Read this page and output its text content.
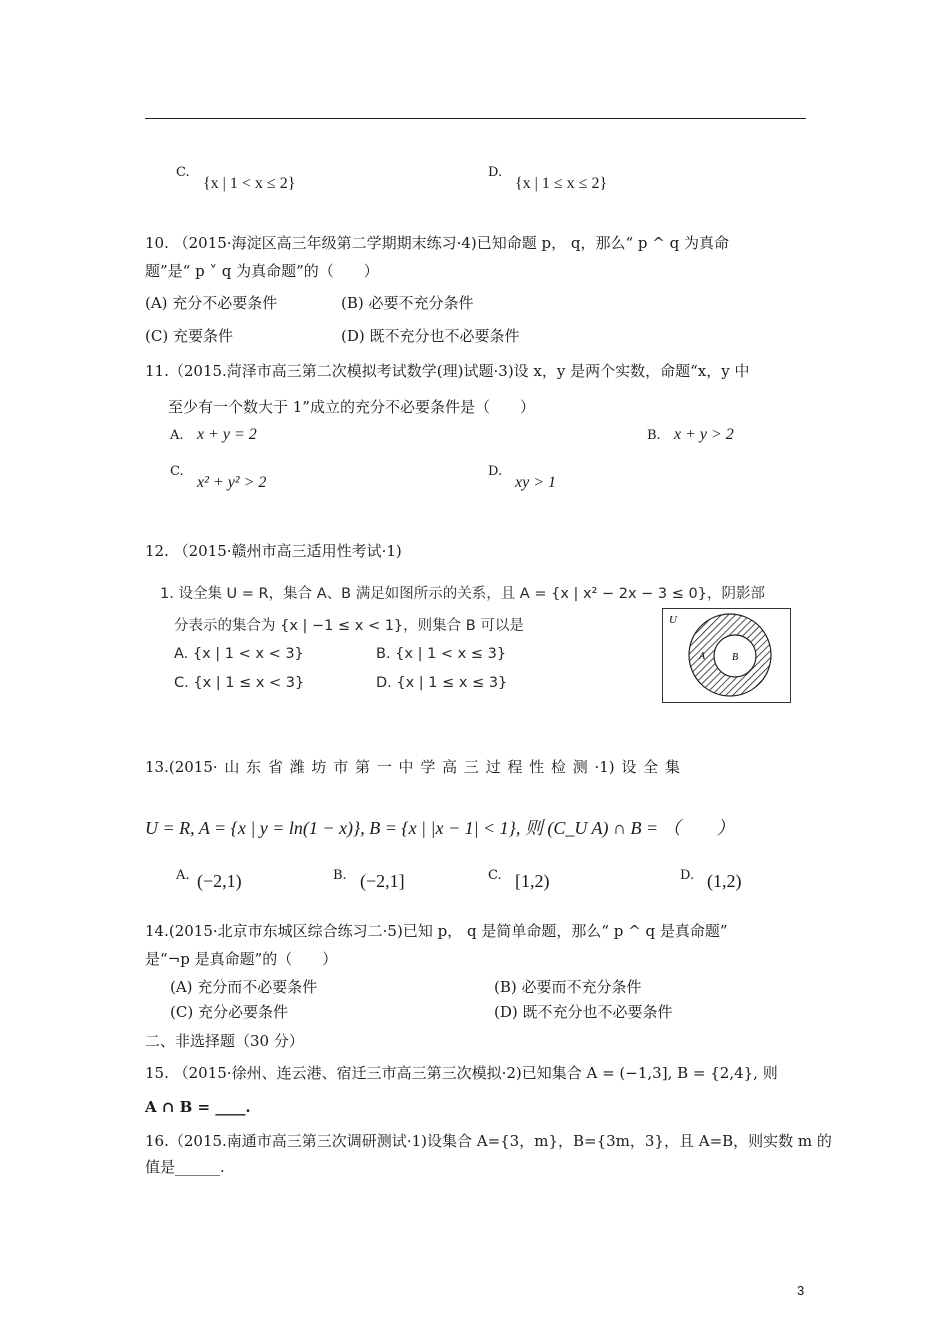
C.
{x | 1 < x ≤ 2}
D.
{x | 1 ≤ x ≤ 2}
10. （2015·海淀区高三年级第二学期期末练习·4)已知命题 p， q，那么“ p ^ q 为真命
题”是“ p ˅ q 为真命题”的（　　）
(A) 充分不必要条件	(B) 必要不充分条件
(C) 充要条件	(D) 既不充分也不必要条件
11.（2015.菏泽市高三第二次模拟考试数学(理)试题·3)设 x，y 是两个实数，命题“x，y 中
至少有一个数大于 1”成立的充分不必要条件是（　　）
A. x + y = 2	B. x + y > 2
C.
x² + y² > 2
D.
xy > 1
12. （2015·赣州市高三适用性考试·1)
1. 设全集 U = R，集合 A、B 满足如图所示的关系，且 A = {x | x² − 2x − 3 ≤ 0}，阴影部
分表示的集合为 {x | −1 ≤ x < 1}，则集合 B 可以是
A. {x | 1 < x < 3}	B. {x | 1 < x ≤ 3}
C. {x | 1 ≤ x < 3}	D. {x | 1 ≤ x ≤ 3}
U
A	B
13.(2015· 山 东 省 潍 坊 市 第 一 中 学 高 三 过 程 性 检 测 ·1) 设 全 集
U = R, A = {x | y = ln(1 − x)}, B = {x | |x − 1| < 1}, 则 (C_U A) ∩ B = （　　）
A. (−2,1)	B. (−2,1]	C. [1,2)	D. (1,2)
14.(2015·北京市东城区综合练习二·5)已知 p， q 是简单命题，那么“ p ^ q 是真命题”
是“¬p 是真命题”的（　　）
(A) 充分而不必要条件	(B) 必要而不充分条件
(C) 充分必要条件	(D) 既不充分也不必要条件
二、非选择题（30 分）
15. （2015·徐州、连云港、宿迁三市高三第三次模拟·2)已知集合 A = (−1,3], B = {2,4}, 则
A ∩ B = ____.
16.（2015.南通市高三第三次调研测试·1)设集合 A={3，m}，B={3m，3}，且 A=B，则实数 m 的
值是______.
3
